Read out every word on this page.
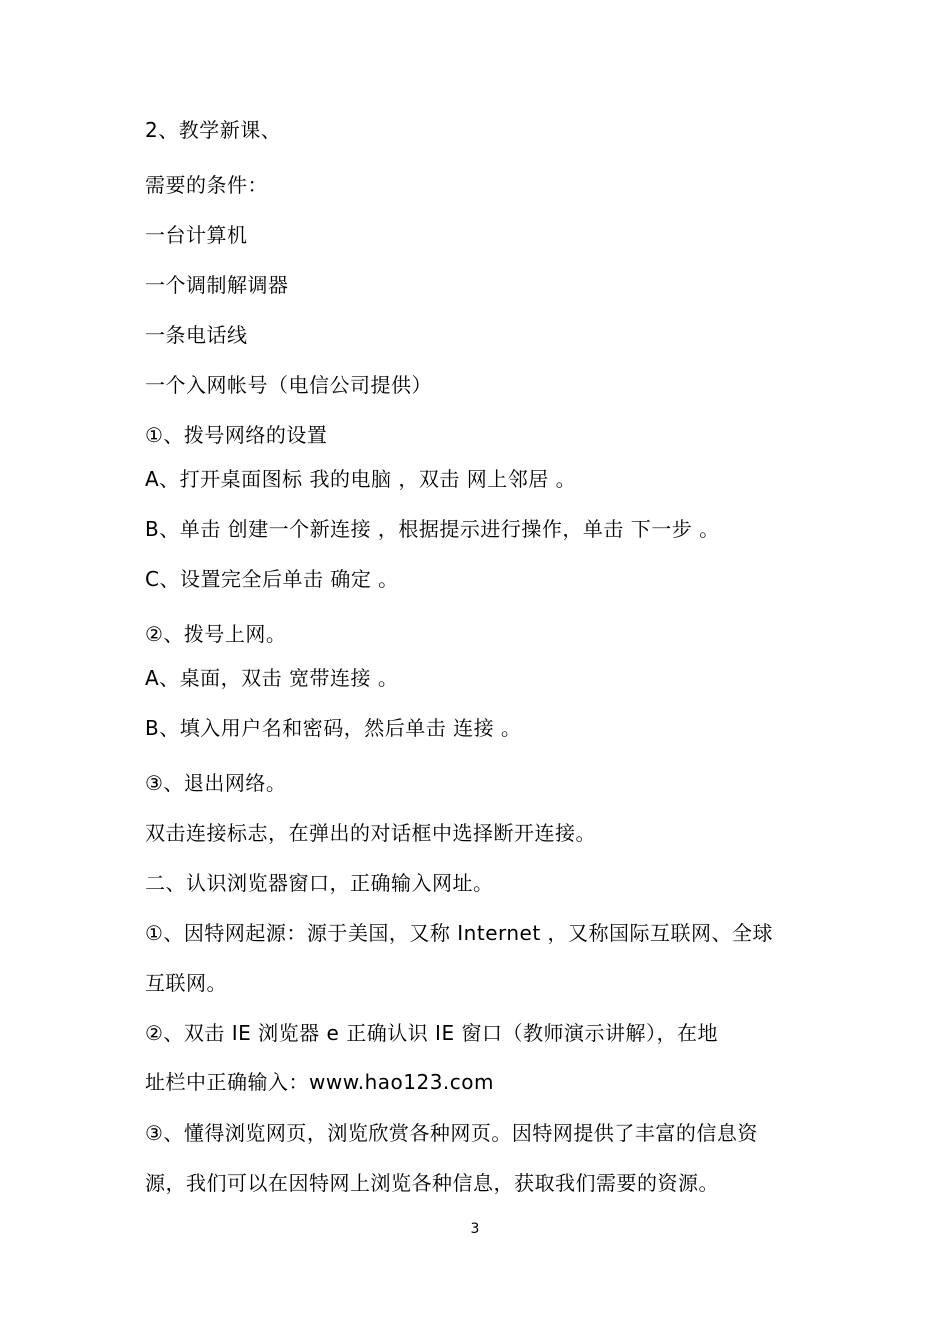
2、教学新课、
需要的条件：
一台计算机
一个调制解调器
一条电话线
一个入网帐号（电信公司提供）
①、拨号网络的设置
A、打开桌面图标 我的电脑 ，双击 网上邻居 。
B、单击 创建一个新连接 ，根据提示进行操作，单击 下一步 。
C、设置完全后单击 确定 。
②、拨号上网。
A、桌面，双击 宽带连接 。
B、填入用户名和密码，然后单击 连接 。
③、退出网络。
双击连接标志，在弹出的对话框中选择断开连接。
二、认识浏览器窗口，正确输入网址。
①、因特网起源：源于美国，又称 Internet ，又称国际互联网、全球
互联网。
②、双击 IE 浏览器 e 正确认识 IE 窗口（教师演示讲解），在地
址栏中正确输入：www.hao123.com
③、懂得浏览网页，浏览欣赏各种网页。因特网提供了丰富的信息资
源，我们可以在因特网上浏览各种信息，获取我们需要的资源。
3
